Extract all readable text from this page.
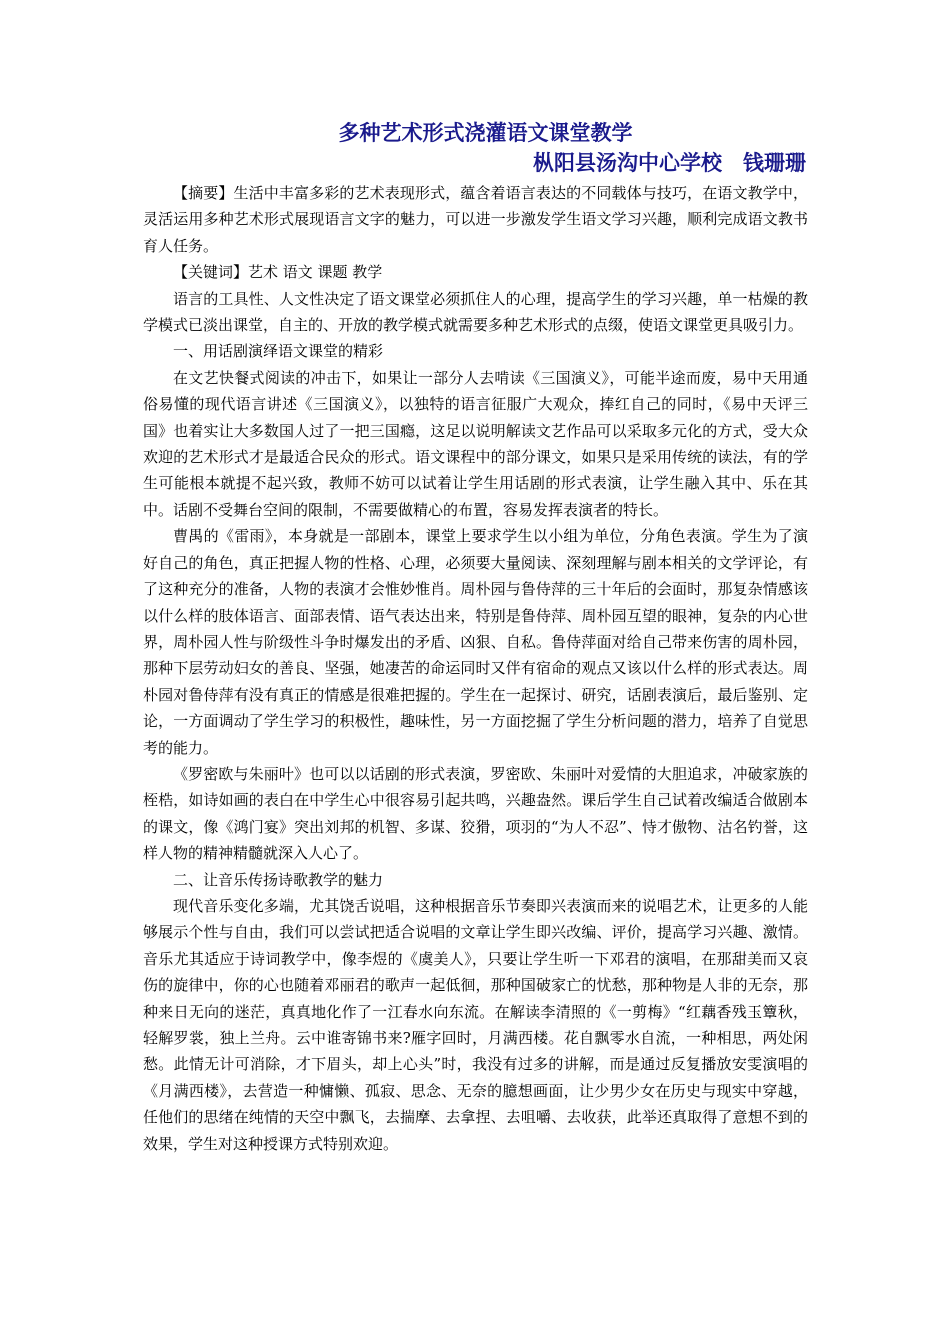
多种艺术形式浇灌语文课堂教学
枞阳县汤沟中心学校　钱珊珊

【摘要】生活中丰富多彩的艺术表现形式，蕴含着语言表达的不同载体与技巧，在语文教学中，灵活运用多种艺术形式展现语言文字的魅力，可以进一步激发学生语文学习兴趣，顺利完成语文教书育人任务。

【关键词】艺术 语文 课题 教学

语言的工具性、人文性决定了语文课堂必须抓住人的心理，提高学生的学习兴趣，单一枯燥的教学模式已淡出课堂，自主的、开放的教学模式就需要多种艺术形式的点缀，使语文课堂更具吸引力。

一、用话剧演绎语文课堂的精彩

在文艺快餐式阅读的冲击下，如果让一部分人去啃读《三国演义》，可能半途而废，易中天用通俗易懂的现代语言讲述《三国演义》，以独特的语言征服广大观众，捧红自己的同时，《易中天评三国》也着实让大多数国人过了一把三国瘾，这足以说明解读文艺作品可以采取多元化的方式，受大众欢迎的艺术形式才是最适合民众的形式。语文课程中的部分课文，如果只是采用传统的读法，有的学生可能根本就提不起兴致，教师不妨可以试着让学生用话剧的形式表演，让学生融入其中、乐在其中。话剧不受舞台空间的限制，不需要做精心的布置，容易发挥表演者的特长。

曹禺的《雷雨》，本身就是一部剧本，课堂上要求学生以小组为单位，分角色表演。学生为了演好自己的角色，真正把握人物的性格、心理，必须要大量阅读、深刻理解与剧本相关的文学评论，有了这种充分的准备，人物的表演才会惟妙惟肖。周朴园与鲁侍萍的三十年后的会面时，那复杂情感该以什么样的肢体语言、面部表情、语气表达出来，特别是鲁侍萍、周朴园互望的眼神，复杂的内心世界，周朴园人性与阶级性斗争时爆发出的矛盾、凶狠、自私。鲁侍萍面对给自己带来伤害的周朴园，那种下层劳动妇女的善良、坚强，她凄苦的命运同时又伴有宿命的观点又该以什么样的形式表达。周朴园对鲁侍萍有没有真正的情感是很难把握的。学生在一起探讨、研究，话剧表演后，最后鉴别、定论，一方面调动了学生学习的积极性，趣味性，另一方面挖掘了学生分析问题的潜力，培养了自觉思考的能力。

《罗密欧与朱丽叶》也可以以话剧的形式表演，罗密欧、朱丽叶对爱情的大胆追求，冲破家族的桎梏，如诗如画的表白在中学生心中很容易引起共鸣，兴趣盎然。课后学生自己试着改编适合做剧本的课文，像《鸿门宴》突出刘邦的机智、多谋、狡猾，项羽的“为人不忍”、恃才傲物、沽名钓誉，这样人物的精神精髓就深入人心了。

二、让音乐传扬诗歌教学的魅力

现代音乐变化多端，尤其饶舌说唱，这种根据音乐节奏即兴表演而来的说唱艺术，让更多的人能够展示个性与自由，我们可以尝试把适合说唱的文章让学生即兴改编、评价，提高学习兴趣、激情。音乐尤其适应于诗词教学中，像李煜的《虞美人》，只要让学生听一下邓君的演唱，在那甜美而又哀伤的旋律中，你的心也随着邓丽君的歌声一起低徊，那种国破家亡的忧愁，那种物是人非的无奈，那种来日无向的迷茫，真真地化作了一江春水向东流。在解读李清照的《一剪梅》“红藕香残玉簟秋，轻解罗裳，独上兰舟。云中谁寄锦书来?雁字回时，月满西楼。花自飘零水自流，一种相思，两处闲愁。此情无计可消除，才下眉头，却上心头”时，我没有过多的讲解，而是通过反复播放安雯演唱的《月满西楼》，去营造一种慵懒、孤寂、思念、无奈的臆想画面，让少男少女在历史与现实中穿越，任他们的思绪在纯情的天空中飘飞，去揣摩、去拿捏、去咀嚼、去收获，此举还真取得了意想不到的效果，学生对这种授课方式特别欢迎。
